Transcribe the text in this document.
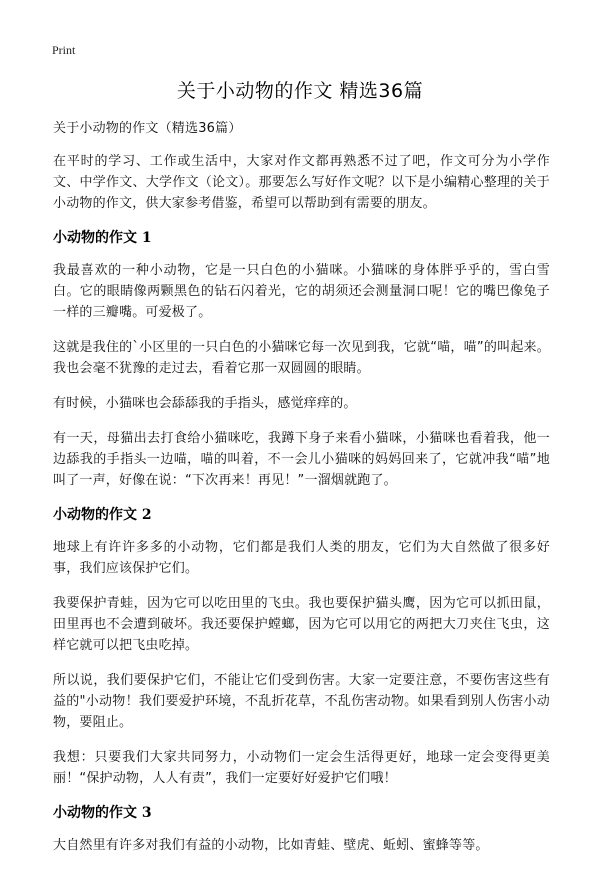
Print
关于小动物的作文 精选36篇

关于小动物的作文（精选36篇）

在平时的学习、工作或生活中，大家对作文都再熟悉不过了吧，作文可分为小学作文、中学作文、大学作文（论文）。那要怎么写好作文呢？以下是小编精心整理的关于小动物的作文，供大家参考借鉴，希望可以帮助到有需要的朋友。

小动物的作文 1

我最喜欢的一种小动物，它是一只白色的小猫咪。小猫咪的身体胖乎乎的，雪白雪白。它的眼睛像两颗黑色的钻石闪着光，它的胡须还会测量洞口呢！它的嘴巴像兔子一样的三瓣嘴。可爱极了。

这就是我住的`小区里的一只白色的小猫咪它每一次见到我，它就“喵，喵”的叫起来。我也会毫不犹豫的走过去，看着它那一双圆圆的眼睛。

有时候，小猫咪也会舔舔我的手指头，感觉痒痒的。

有一天，母猫出去打食给小猫咪吃，我蹲下身子来看小猫咪，小猫咪也看着我，他一边舔我的手指头一边喵，喵的叫着，不一会儿小猫咪的妈妈回来了，它就冲我“喵”地叫了一声，好像在说：“下次再来！再见！”一溜烟就跑了。

小动物的作文 2

地球上有许许多多的小动物，它们都是我们人类的朋友，它们为大自然做了很多好事，我们应该保护它们。

我要保护青蛙，因为它可以吃田里的飞虫。我也要保护猫头鹰，因为它可以抓田鼠，田里再也不会遭到破坏。我还要保护螳螂，因为它可以用它的两把大刀夹住飞虫，这样它就可以把飞虫吃掉。

所以说，我们要保护它们，不能让它们受到伤害。大家一定要注意，不要伤害这些有益的"小动物！我们要爱护环境，不乱折花草，不乱伤害动物。如果看到别人伤害小动物，要阻止。

我想：只要我们大家共同努力，小动物们一定会生活得更好，地球一定会变得更美丽！“保护动物，人人有责”，我们一定要好好爱护它们哦！

小动物的作文 3

大自然里有许多对我们有益的小动物，比如青蛙、壁虎、蚯蚓、蜜蜂等等。
